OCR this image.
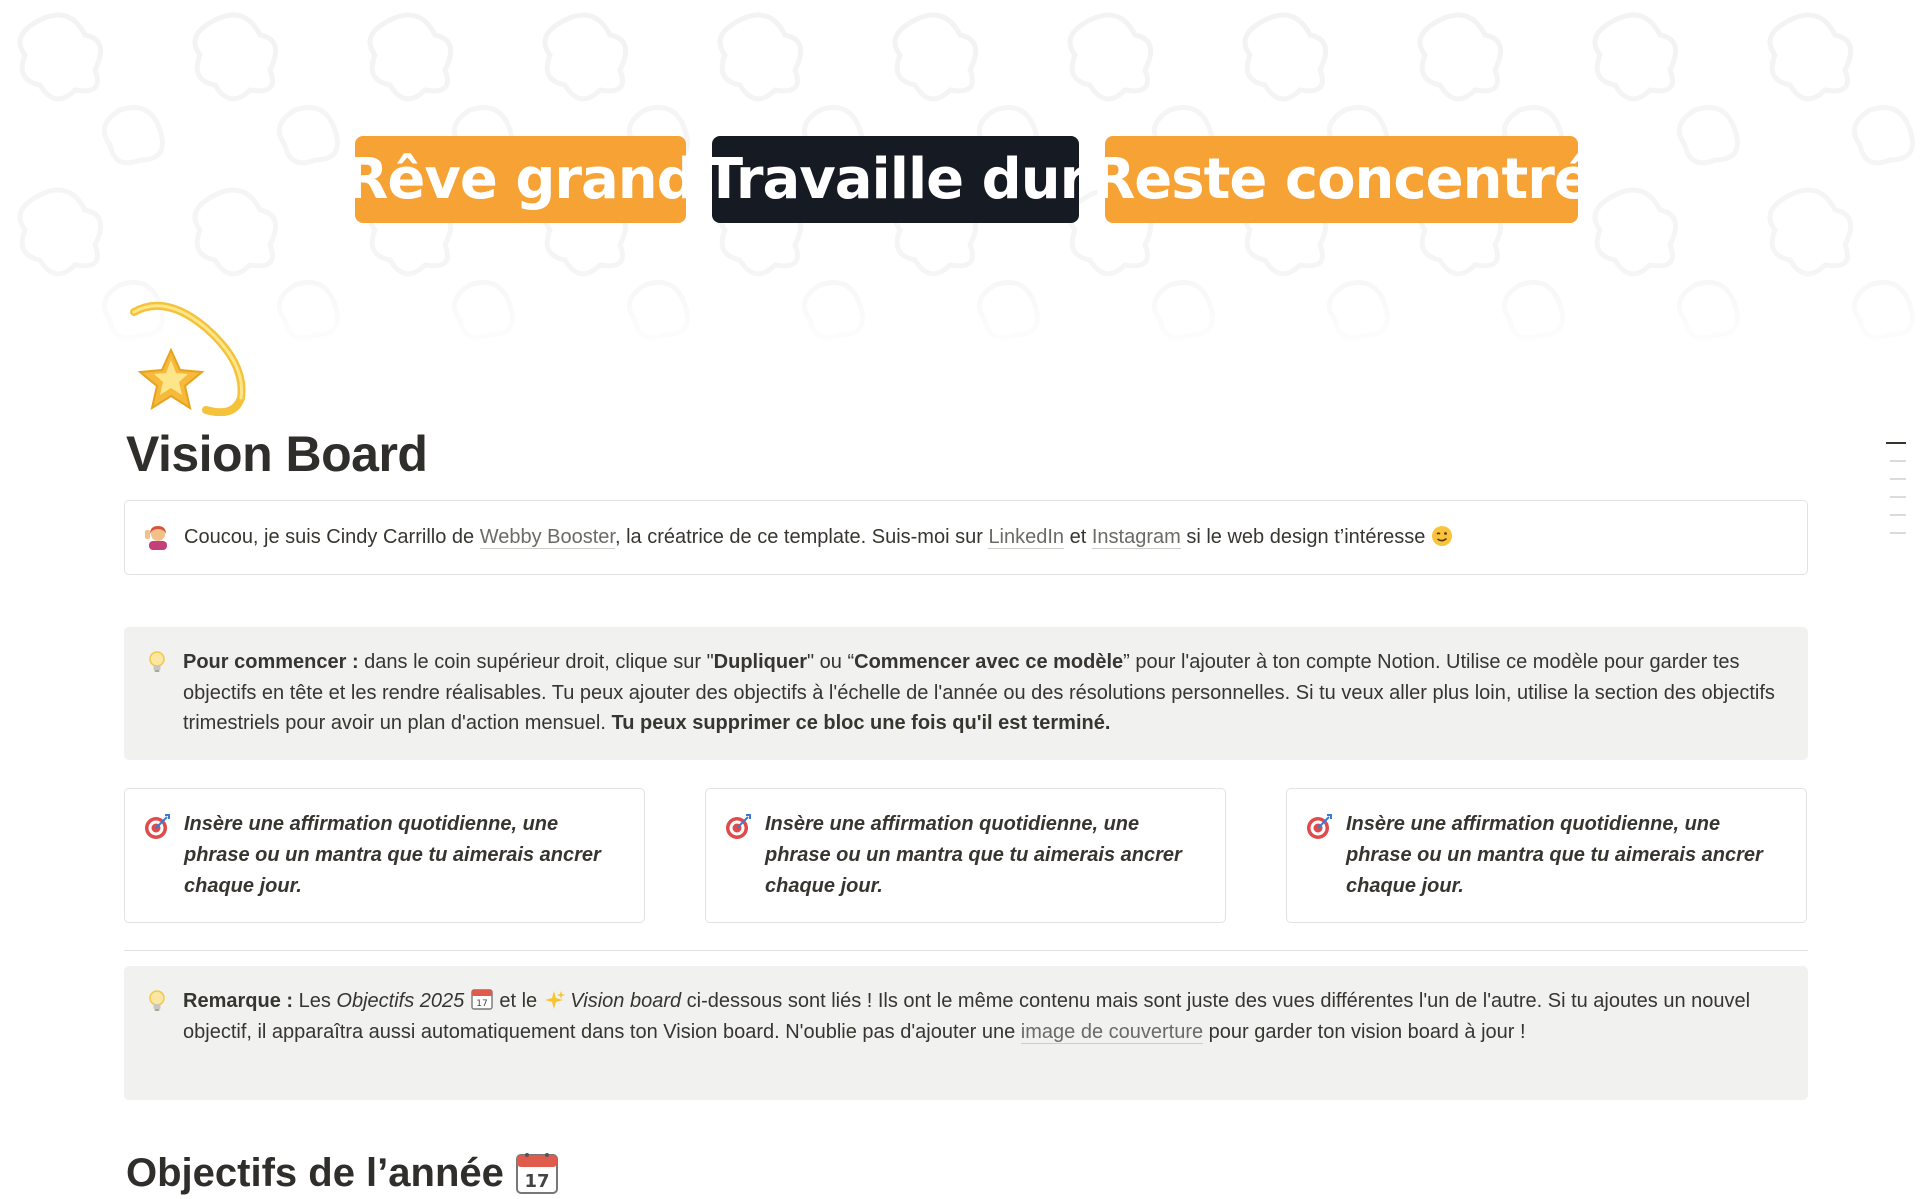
Rêve grand Travaille dur Reste concentré
Vision Board
Coucou, je suis Cindy Carrillo de Webby Booster, la créatrice de ce template. Suis-moi sur LinkedIn et Instagram si le web design t’intéresse
Pour commencer : dans le coin supérieur droit, clique sur "Dupliquer" ou “Commencer avec ce modèle” pour l'ajouter à ton compte Notion. Utilise ce modèle pour garder tes objectifs en tête et les rendre réalisables. Tu peux ajouter des objectifs à l'échelle de l'année ou des résolutions personnelles. Si tu veux aller plus loin, utilise la section des objectifs trimestriels pour avoir un plan d'action mensuel. Tu peux supprimer ce bloc une fois qu'il est terminé.
Insère une affirmation quotidienne, une phrase ou un mantra que tu aimerais ancrer chaque jour.
Insère une affirmation quotidienne, une phrase ou un mantra que tu aimerais ancrer chaque jour.
Insère une affirmation quotidienne, une phrase ou un mantra que tu aimerais ancrer chaque jour.
Remarque : Les Objectifs 2025 17 et le  Vision board ci-dessous sont liés ! Ils ont le même contenu mais sont juste des vues différentes l'un de l'autre. Si tu ajoutes un nouvel objectif, il apparaîtra aussi automatiquement dans ton Vision board. N'oublie pas d'ajouter une image de couverture pour garder ton vision board à jour !
Objectifs de l’année 17
